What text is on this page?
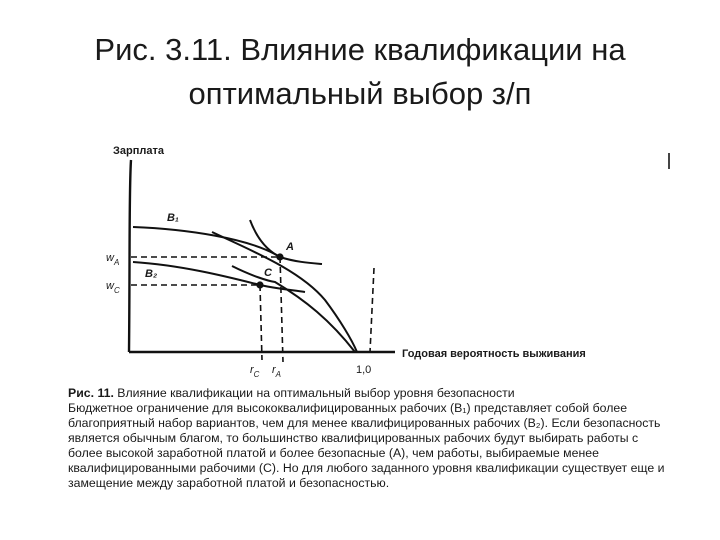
Рис. 3.11. Влияние квалификации на
оптимальный выбор з/п
Зарплата
Годовая вероятность выживания
B₁
B₂
A
C
$w_A$
$w_C$
$r_C$ $r_A$	1,0
Рис. 11. Влияние квалификации на оптимальный выбор уровня безопасности
Бюджетное ограничение для высококвалифицированных рабочих (B₁) представляет собой более благоприятный набор вариантов, чем для менее квалифицированных рабочих (B₂). Если безопасность является обычным благом, то большинство квалифицированных рабочих будут выбирать работы с более высокой заработной платой и более безопасные (A), чем работы, выбираемые менее квалифицированными рабочими (C). Но для любого заданного уровня квалификации существует еще и замещение между заработной платой и безопасностью.
